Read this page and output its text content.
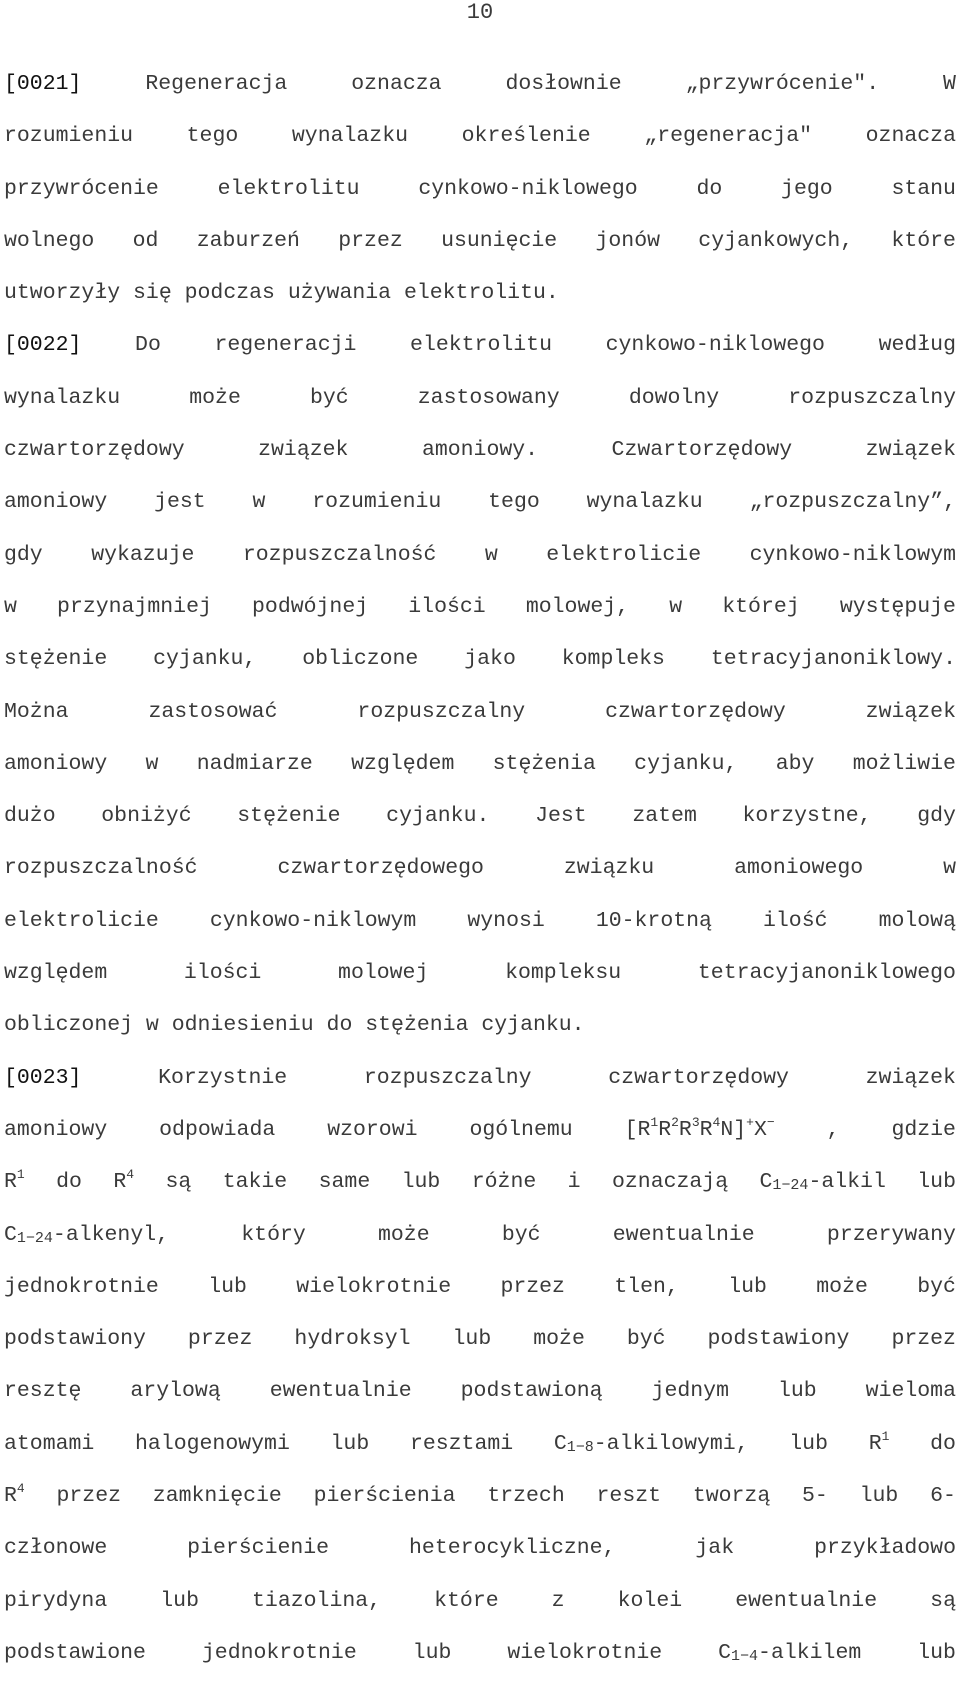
10
[0021]	Regeneracja	oznacza	dosłownie	„przywrócenie".	W
rozumieniu tego wynalazku określenie „regeneracja" oznacza
przywrócenie	elektrolitu	cynkowo-niklowego	do	jego	stanu
wolnego od zaburzeń przez usunięcie jonów cyjankowych, które
utworzyły się podczas używania elektrolitu.
[0022] Do regeneracji elektrolitu cynkowo-niklowego według
wynalazku	może	być	zastosowany	dowolny	rozpuszczalny
czwartorzędowy	związek	amoniowy.	Czwartorzędowy	związek
amoniowy jest w rozumieniu tego wynalazku „rozpuszczalny”,
gdy wykazuje rozpuszczalność w elektrolicie cynkowo-niklowym
w przynajmniej podwójnej ilości molowej, w której występuje
stężenie cyjanku, obliczone jako kompleks tetracyjanoniklowy.
Można	zastosować	rozpuszczalny	czwartorzędowy	związek
amoniowy w nadmiarze względem stężenia cyjanku, aby możliwie
dużo obniżyć stężenie cyjanku. Jest zatem korzystne, gdy
rozpuszczalność	czwartorzędowego	związku	amoniowego	w
elektrolicie cynkowo-niklowym wynosi 10-krotną ilość molową
względem	ilości	molowej	kompleksu	tetracyjanoniklowego
obliczonej w odniesieniu do stężenia cyjanku.
[0023]	Korzystnie	rozpuszczalny	czwartorzędowy	związek
amoniowy odpowiada wzorowi ogólnemu $[R^1R^2R^3R^4N]^+X^-$ , gdzie
$R^1$ do $R^4$ są takie same lub różne i oznaczają $C_{1-24}$-alkil lub
$C_{1-24}$-alkenyl,	który	może	być	ewentualnie	przerywany
jednokrotnie lub wielokrotnie przez tlen, lub może być
podstawiony przez hydroksyl lub może być podstawiony przez
resztę arylową ewentualnie podstawioną jednym lub wieloma
atomami halogenowymi lub resztami $C_{1-8}$-alkilowymi, lub $R^1$ do
$R^4$ przez zamknięcie pierścienia trzech reszt tworzą 5- lub 6-
członowe	pierścienie	heterocykliczne,	jak	przykładowo
pirydyna lub tiazolina, które z kolei ewentualnie są
podstawione	jednokrotnie	lub	wielokrotnie	$C_{1-4}$-alkilem	lub
